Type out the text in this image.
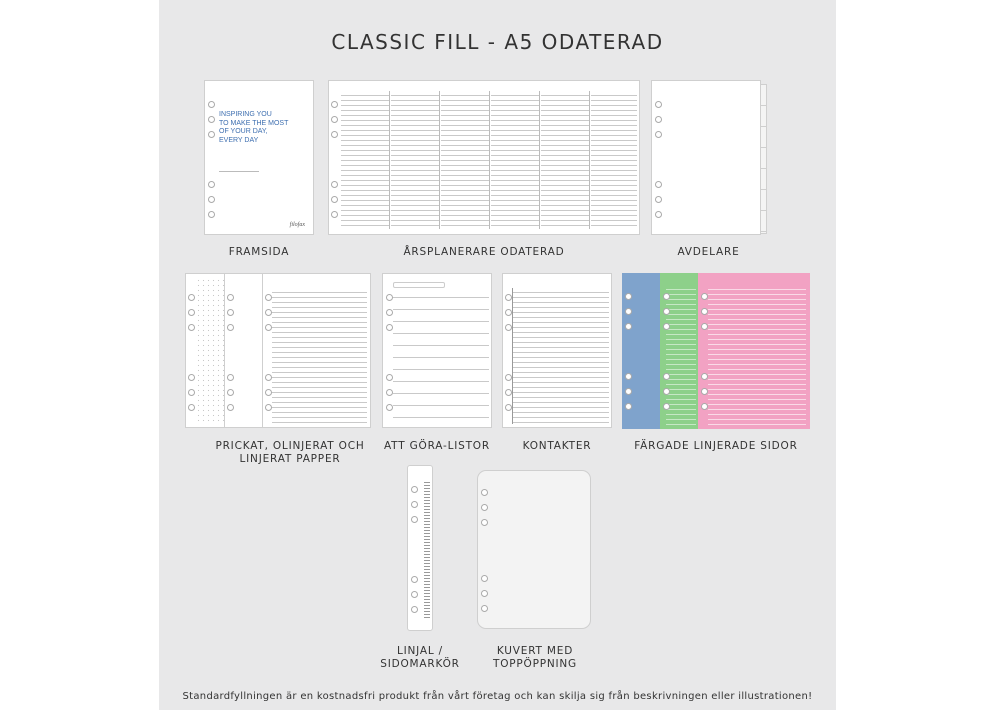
CLASSIC FILL - A5 ODATERAD
INSPIRING YOU
TO MAKE THE MOST
OF YOUR DAY,
EVERY DAY
filofax
FRAMSIDA	ÅRSPLANERARE ODATERAD	AVDELARE
PRICKAT, OLINJERAT OCH
LINJERAT PAPPER
ATT GÖRA-LISTOR	KONTAKTER	FÄRGADE LINJERADE SIDOR
LINJAL /
SIDOMARKÖR
KUVERT MED
TOPPÖPPNING
Standardfyllningen är en kostnadsfri produkt från vårt företag och kan skilja sig från beskrivningen eller illustrationen!
